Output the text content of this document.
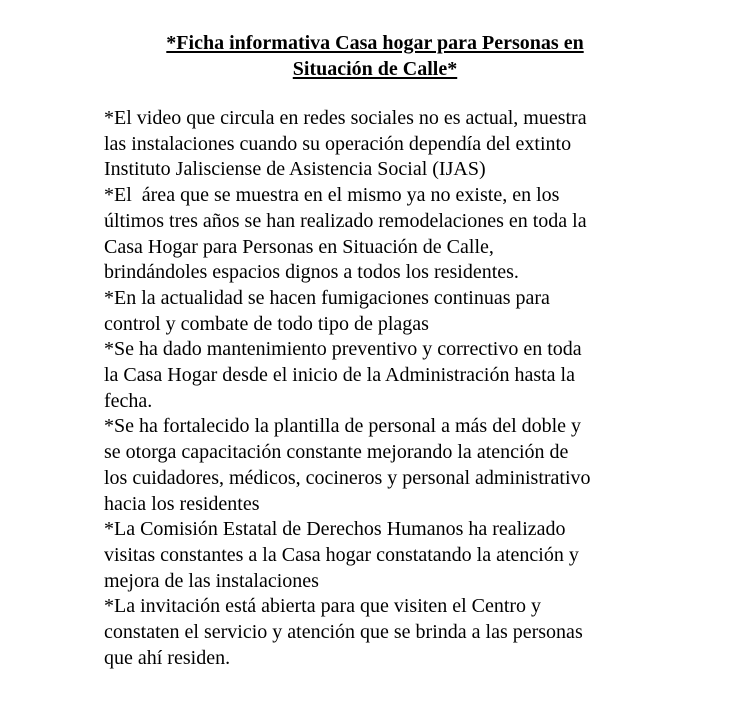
*Ficha informativa Casa hogar para Personas en
Situación de Calle*
*El video que circula en redes sociales no es actual, muestra
las instalaciones cuando su operación dependía del extinto
Instituto Jalisciense de Asistencia Social (IJAS)
*El  área que se muestra en el mismo ya no existe, en los
últimos tres años se han realizado remodelaciones en toda la
Casa Hogar para Personas en Situación de Calle,
brindándoles espacios dignos a todos los residentes.
*En la actualidad se hacen fumigaciones continuas para
control y combate de todo tipo de plagas
*Se ha dado mantenimiento preventivo y correctivo en toda
la Casa Hogar desde el inicio de la Administración hasta la
fecha.
*Se ha fortalecido la plantilla de personal a más del doble y
se otorga capacitación constante mejorando la atención de
los cuidadores, médicos, cocineros y personal administrativo
hacia los residentes
*La Comisión Estatal de Derechos Humanos ha realizado
visitas constantes a la Casa hogar constatando la atención y
mejora de las instalaciones
*La invitación está abierta para que visiten el Centro y
constaten el servicio y atención que se brinda a las personas
que ahí residen.
